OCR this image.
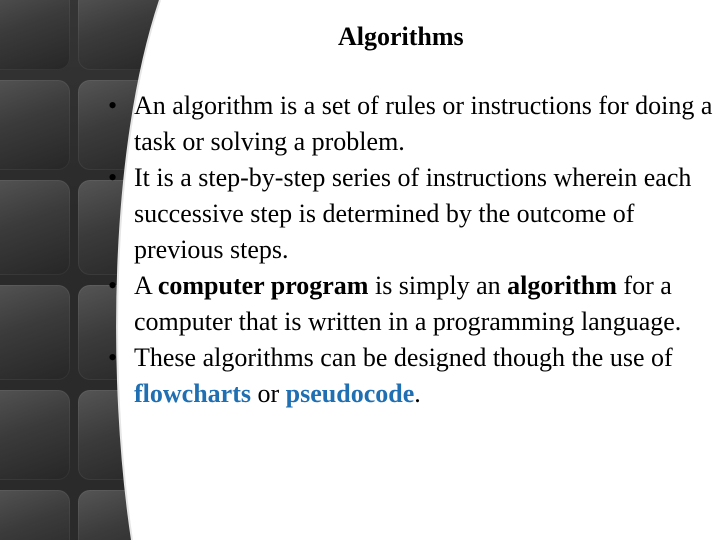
Algorithms
• An algorithm is a set of rules or instructions for doing a task or solving a problem.
• It is a step-by-step series of instructions wherein each successive step is determined by the outcome of previous steps.
• A computer program is simply an algorithm for a computer that is written in a programming language.
• These algorithms can be designed though the use of flowcharts or pseudocode.
